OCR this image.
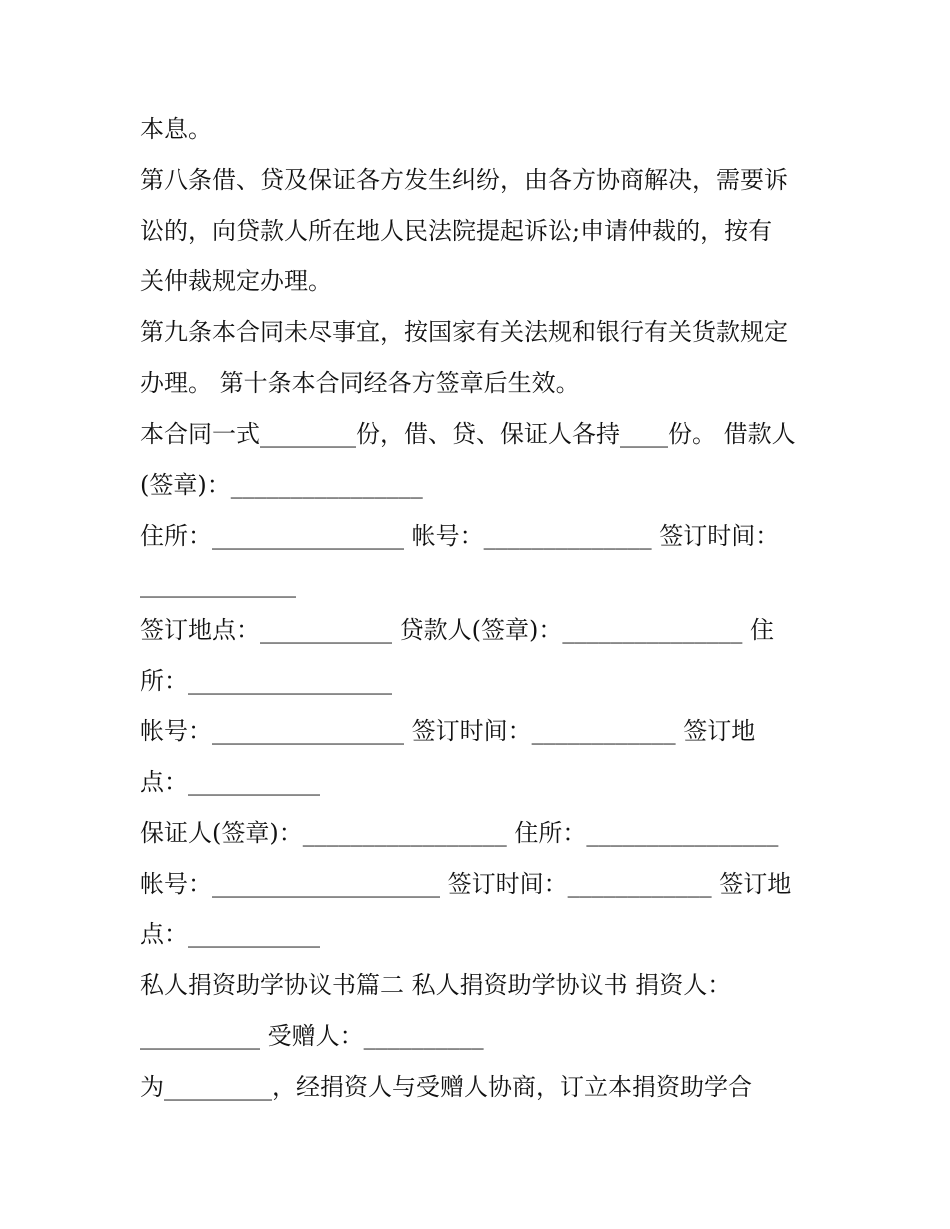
本息。
第八条借、贷及保证各方发生纠纷，由各方协商解决，需要诉
讼的，向贷款人所在地人民法院提起诉讼;申请仲裁的，按有
关仲裁规定办理。
第九条本合同未尽事宜，按国家有关法规和银行有关货款规定
办理。 第十条本合同经各方签章后生效。
本合同一式________份，借、贷、保证人各持____份。 借款人
(签章)：________________
住所：________________ 帐号：______________ 签订时间：
_____________
签订地点：___________ 贷款人(签章)：_______________ 住
所：_________________
帐号：________________ 签订时间：____________ 签订地
点：___________
保证人(签章)：_________________ 住所：________________
帐号：___________________ 签订时间：____________ 签订地
点：___________
私人捐资助学协议书篇二 私人捐资助学协议书 捐资人：
__________ 受赠人：__________
为_________，经捐资人与受赠人协商，订立本捐资助学合
